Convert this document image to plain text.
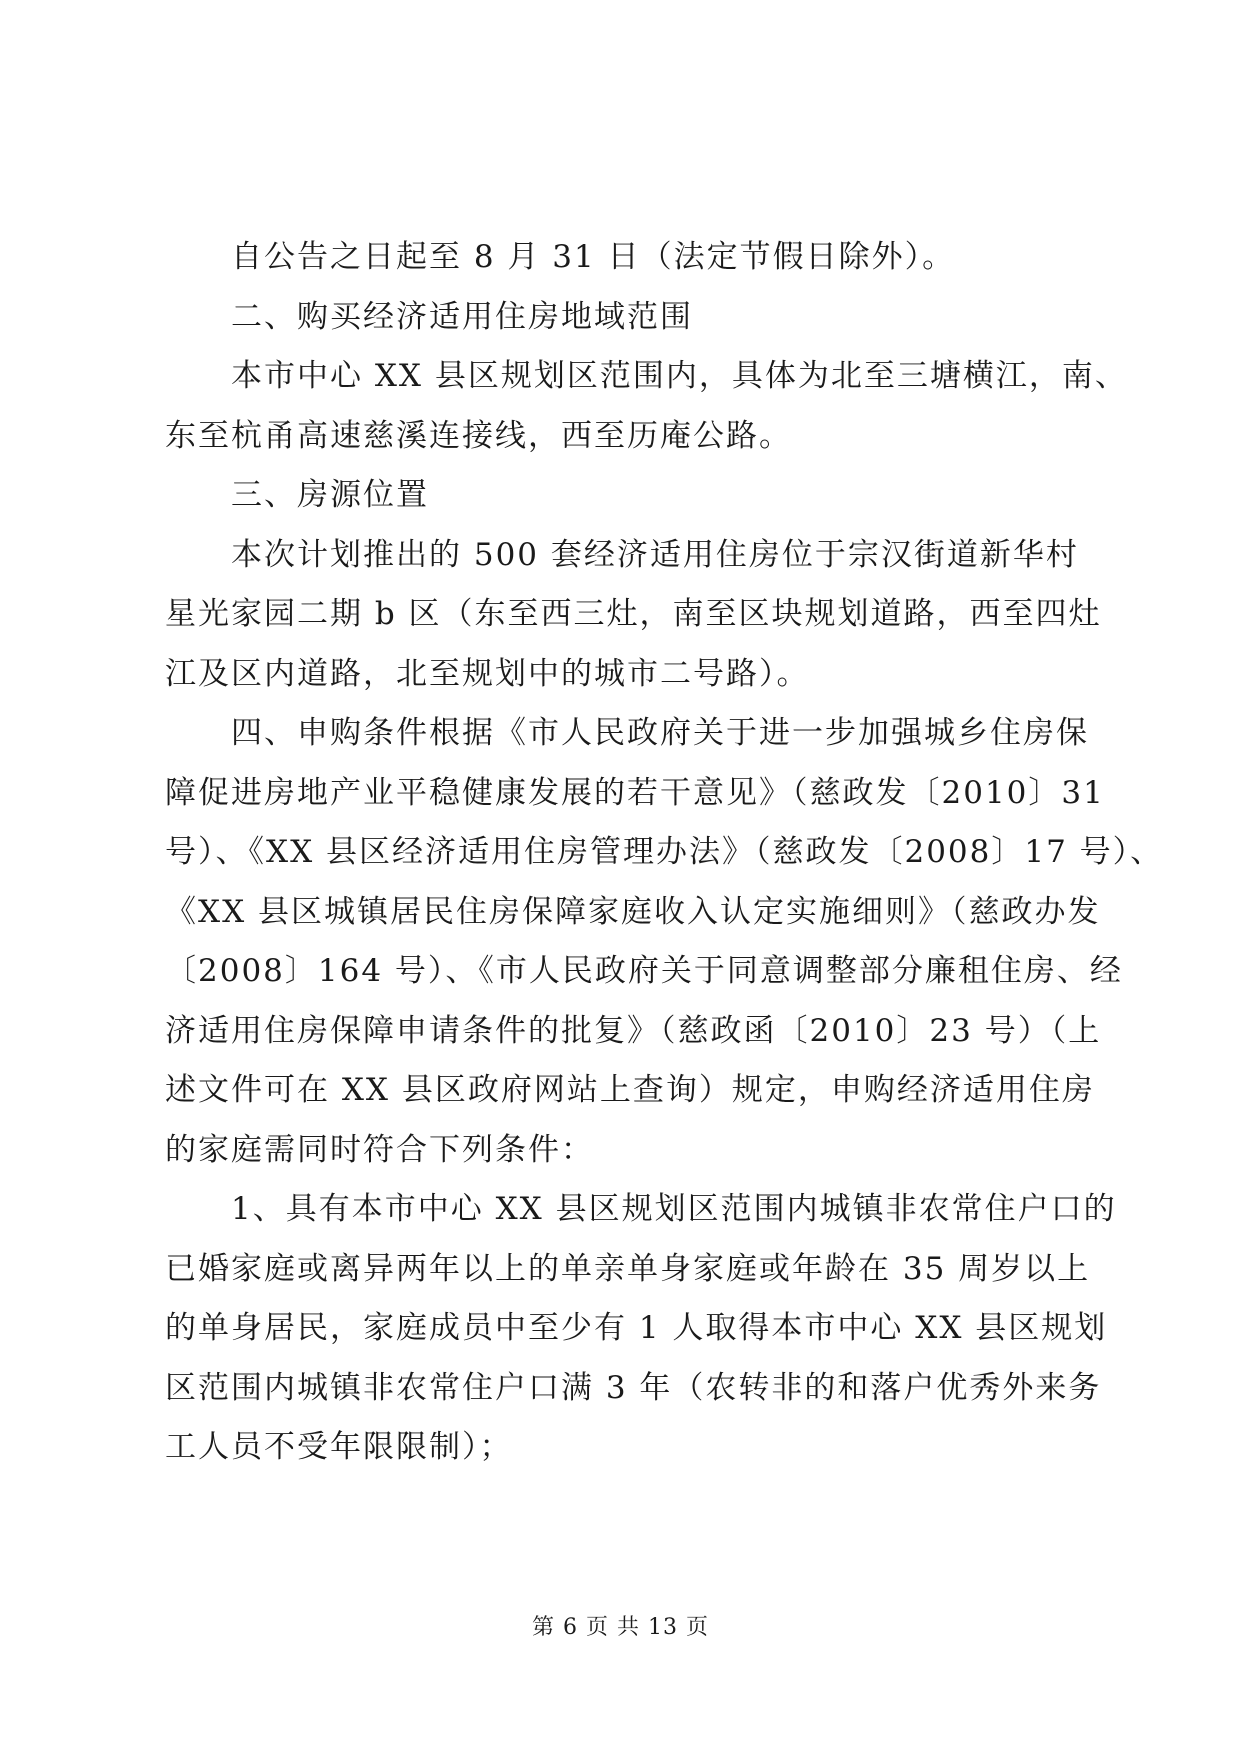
自公告之日起至 8 月 31 日（法定节假日除外）。
二、购买经济适用住房地域范围
本市中心 XX 县区规划区范围内，具体为北至三塘横江，南、
东至杭甬高速慈溪连接线，西至历庵公路。
三、房源位置
本次计划推出的 500 套经济适用住房位于宗汉街道新华村
星光家园二期 b 区（东至西三灶，南至区块规划道路，西至四灶
江及区内道路，北至规划中的城市二号路）。
四、申购条件根据《市人民政府关于进一步加强城乡住房保
障促进房地产业平稳健康发展的若干意见》（慈政发〔2010〕31
号）、《XX 县区经济适用住房管理办法》（慈政发〔2008〕17 号）、
《XX 县区城镇居民住房保障家庭收入认定实施细则》（慈政办发
〔2008〕164 号）、《市人民政府关于同意调整部分廉租住房、经
济适用住房保障申请条件的批复》（慈政函〔2010〕23 号）（上
述文件可在 XX 县区政府网站上查询）规定，申购经济适用住房
的家庭需同时符合下列条件：
1、具有本市中心 XX 县区规划区范围内城镇非农常住户口的
已婚家庭或离异两年以上的单亲单身家庭或年龄在 35 周岁以上
的单身居民，家庭成员中至少有 1 人取得本市中心 XX 县区规划
区范围内城镇非农常住户口满 3 年（农转非的和落户优秀外来务
工人员不受年限限制）；
第 6 页 共 13 页
